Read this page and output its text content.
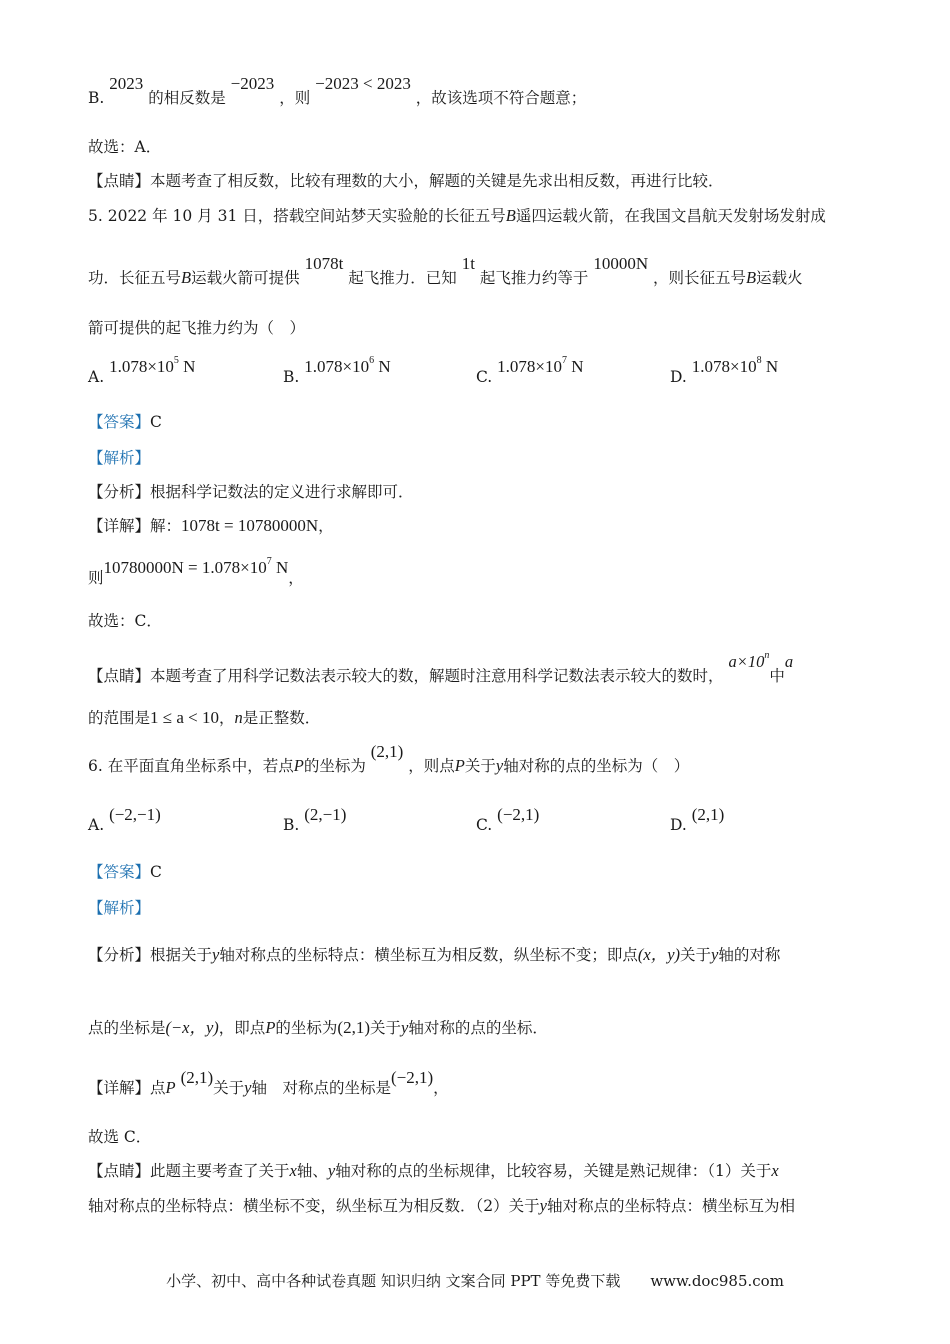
B. 2023 的相反数是 −2023 ，则 −2023 < 2023 ，故该选项不符合题意；
故选：A．
【点睛】本题考查了相反数，比较有理数的大小，解题的关键是先求出相反数，再进行比较．
5. 2022 年 10 月 31 日，搭载空间站梦天实验舱的长征五号B遥四运载火箭，在我国文昌航天发射场发射成
功．长征五号B运载火箭可提供 1078t 起飞推力．已知 1t 起飞推力约等于 10000N ，则长征五号B运载火
箭可提供的起飞推力约为（　）
A. $1.078\times 10^5$ N
B. $1.078\times 10^6$ N
C. $1.078\times 10^7$ N
D. $1.078\times 10^8$ N
【答案】C
【解析】
【分析】根据科学记数法的定义进行求解即可．
【详解】解：1078t = 10780000N，
则$10780000N = 1.078\times 10^7$ N，
故选：C．
【点睛】本题考查了用科学记数法表示较大的数，解题时注意用科学记数法表示较大的数时， $a\times 10^n$中a
的范围是1 ≤ a < 10，n是正整数．
6. 在平面直角坐标系中，若点P的坐标为 (2,1) ，则点P关于y轴对称的点的坐标为（　）
A. (−2,−1)
B. (2,−1)
C. (−2,1)
D. (2,1)
【答案】C
【解析】
【分析】根据关于y轴对称点的坐标特点：横坐标互为相反数，纵坐标不变；即点(x，y)关于y轴的对称
点的坐标是(−x，y)，即点P的坐标为(2,1)关于y轴对称的点的坐标．
【详解】点P (2,1)关于y轴　对称点的坐标是(−2,1)，
故选 C．
【点睛】此题主要考查了关于x轴、y轴对称的点的坐标规律，比较容易，关键是熟记规律：（1）关于x
轴对称点的坐标特点：横坐标不变，纵坐标互为相反数．（2）关于y轴对称点的坐标特点：横坐标互为相
小学、初中、高中各种试卷真题 知识归纳 文案合同 PPT 等免费下载　　www.doc985.com
